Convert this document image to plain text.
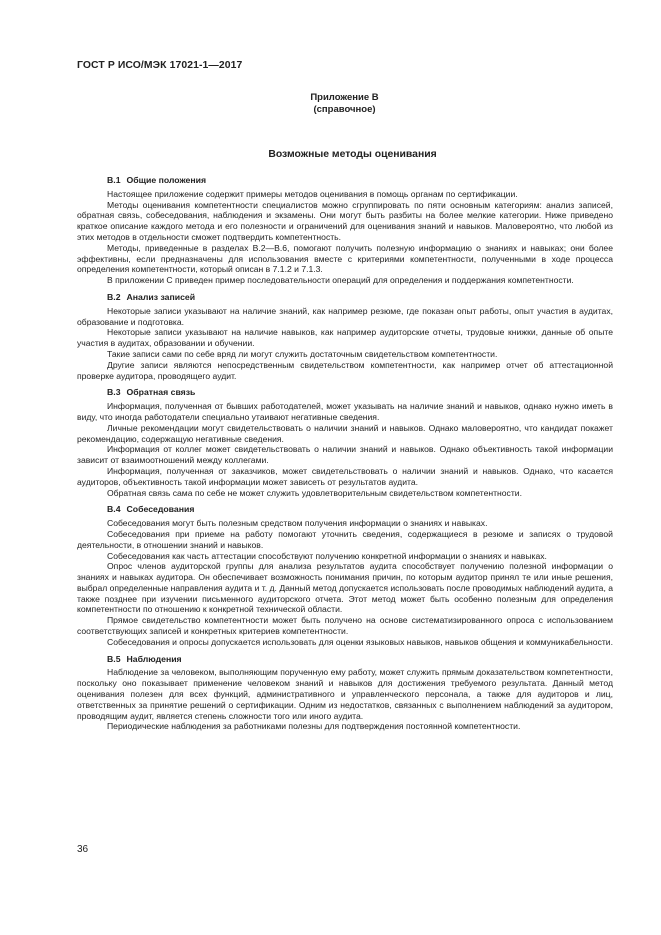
ГОСТ Р ИСО/МЭК 17021-1—2017
Приложение В
(справочное)
Возможные методы оценивания
В.1 Общие положения

Настоящее приложение содержит примеры методов оценивания в помощь органам по сертификации.

Методы оценивания компетентности специалистов можно сгруппировать по пяти основным категориям: анализ записей, обратная связь, собеседования, наблюдения и экзамены. Они могут быть разбиты на более мелкие категории. Ниже приведено краткое описание каждого метода и его полезности и ограничений для оценивания знаний и навыков. Маловероятно, что любой из этих методов в отдельности сможет подтвердить компетентность.

Методы, приведенные в разделах В.2—В.6, помогают получить полезную информацию о знаниях и навыках; они более эффективны, если предназначены для использования вместе с критериями компетентности, полученными в ходе процесса определения компетентности, который описан в 7.1.2 и 7.1.3.

В приложении С приведен пример последовательности операций для определения и поддержания компетентности.

В.2 Анализ записей

Некоторые записи указывают на наличие знаний, как например резюме, где показан опыт работы, опыт участия в аудитах, образование и подготовка.

Некоторые записи указывают на наличие навыков, как например аудиторские отчеты, трудовые книжки, данные об опыте участия в аудитах, образовании и обучении.

Такие записи сами по себе вряд ли могут служить достаточным свидетельством компетентности.

Другие записи являются непосредственным свидетельством компетентности, как например отчет об аттестационной проверке аудитора, проводящего аудит.

В.3 Обратная связь

Информация, полученная от бывших работодателей, может указывать на наличие знаний и навыков, однако нужно иметь в виду, что иногда работодатели специально утаивают негативные сведения.

Личные рекомендации могут свидетельствовать о наличии знаний и навыков. Однако маловероятно, что кандидат покажет рекомендацию, содержащую негативные сведения.

Информация от коллег может свидетельствовать о наличии знаний и навыков. Однако объективность такой информации зависит от взаимоотношений между коллегами.

Информация, полученная от заказчиков, может свидетельствовать о наличии знаний и навыков. Однако, что касается аудиторов, объективность такой информации может зависеть от результатов аудита.

Обратная связь сама по себе не может служить удовлетворительным свидетельством компетентности.

В.4 Собеседования

Собеседования могут быть полезным средством получения информации о знаниях и навыках.

Собеседования при приеме на работу помогают уточнить сведения, содержащиеся в резюме и записях о трудовой деятельности, в отношении знаний и навыков.

Собеседования как часть аттестации способствуют получению конкретной информации о знаниях и навыках.

Опрос членов аудиторской группы для анализа результатов аудита способствует получению полезной информации о знаниях и навыках аудитора. Он обеспечивает возможность понимания причин, по которым аудитор принял те или иные решения, выбрал определенные направления аудита и т. д. Данный метод допускается использовать после проводимых наблюдений аудита, а также позднее при изучении письменного аудиторского отчета. Этот метод может быть особенно полезным для определения компетентности по отношению к конкретной технической области.

Прямое свидетельство компетентности может быть получено на основе систематизированного опроса с использованием соответствующих записей и конкретных критериев компетентности.

Собеседования и опросы допускается использовать для оценки языковых навыков, навыков общения и коммуникабельности.

В.5 Наблюдения

Наблюдение за человеком, выполняющим порученную ему работу, может служить прямым доказательством компетентности, поскольку оно показывает применение человеком знаний и навыков для достижения требуемого результата. Данный метод оценивания полезен для всех функций, административного и управленческого персонала, а также для аудиторов и лиц, ответственных за принятие решений о сертификации. Одним из недостатков, связанных с выполнением наблюдений за аудитором, проводящим аудит, является степень сложности того или иного аудита.

Периодические наблюдения за работниками полезны для подтверждения постоянной компетентности.

36
